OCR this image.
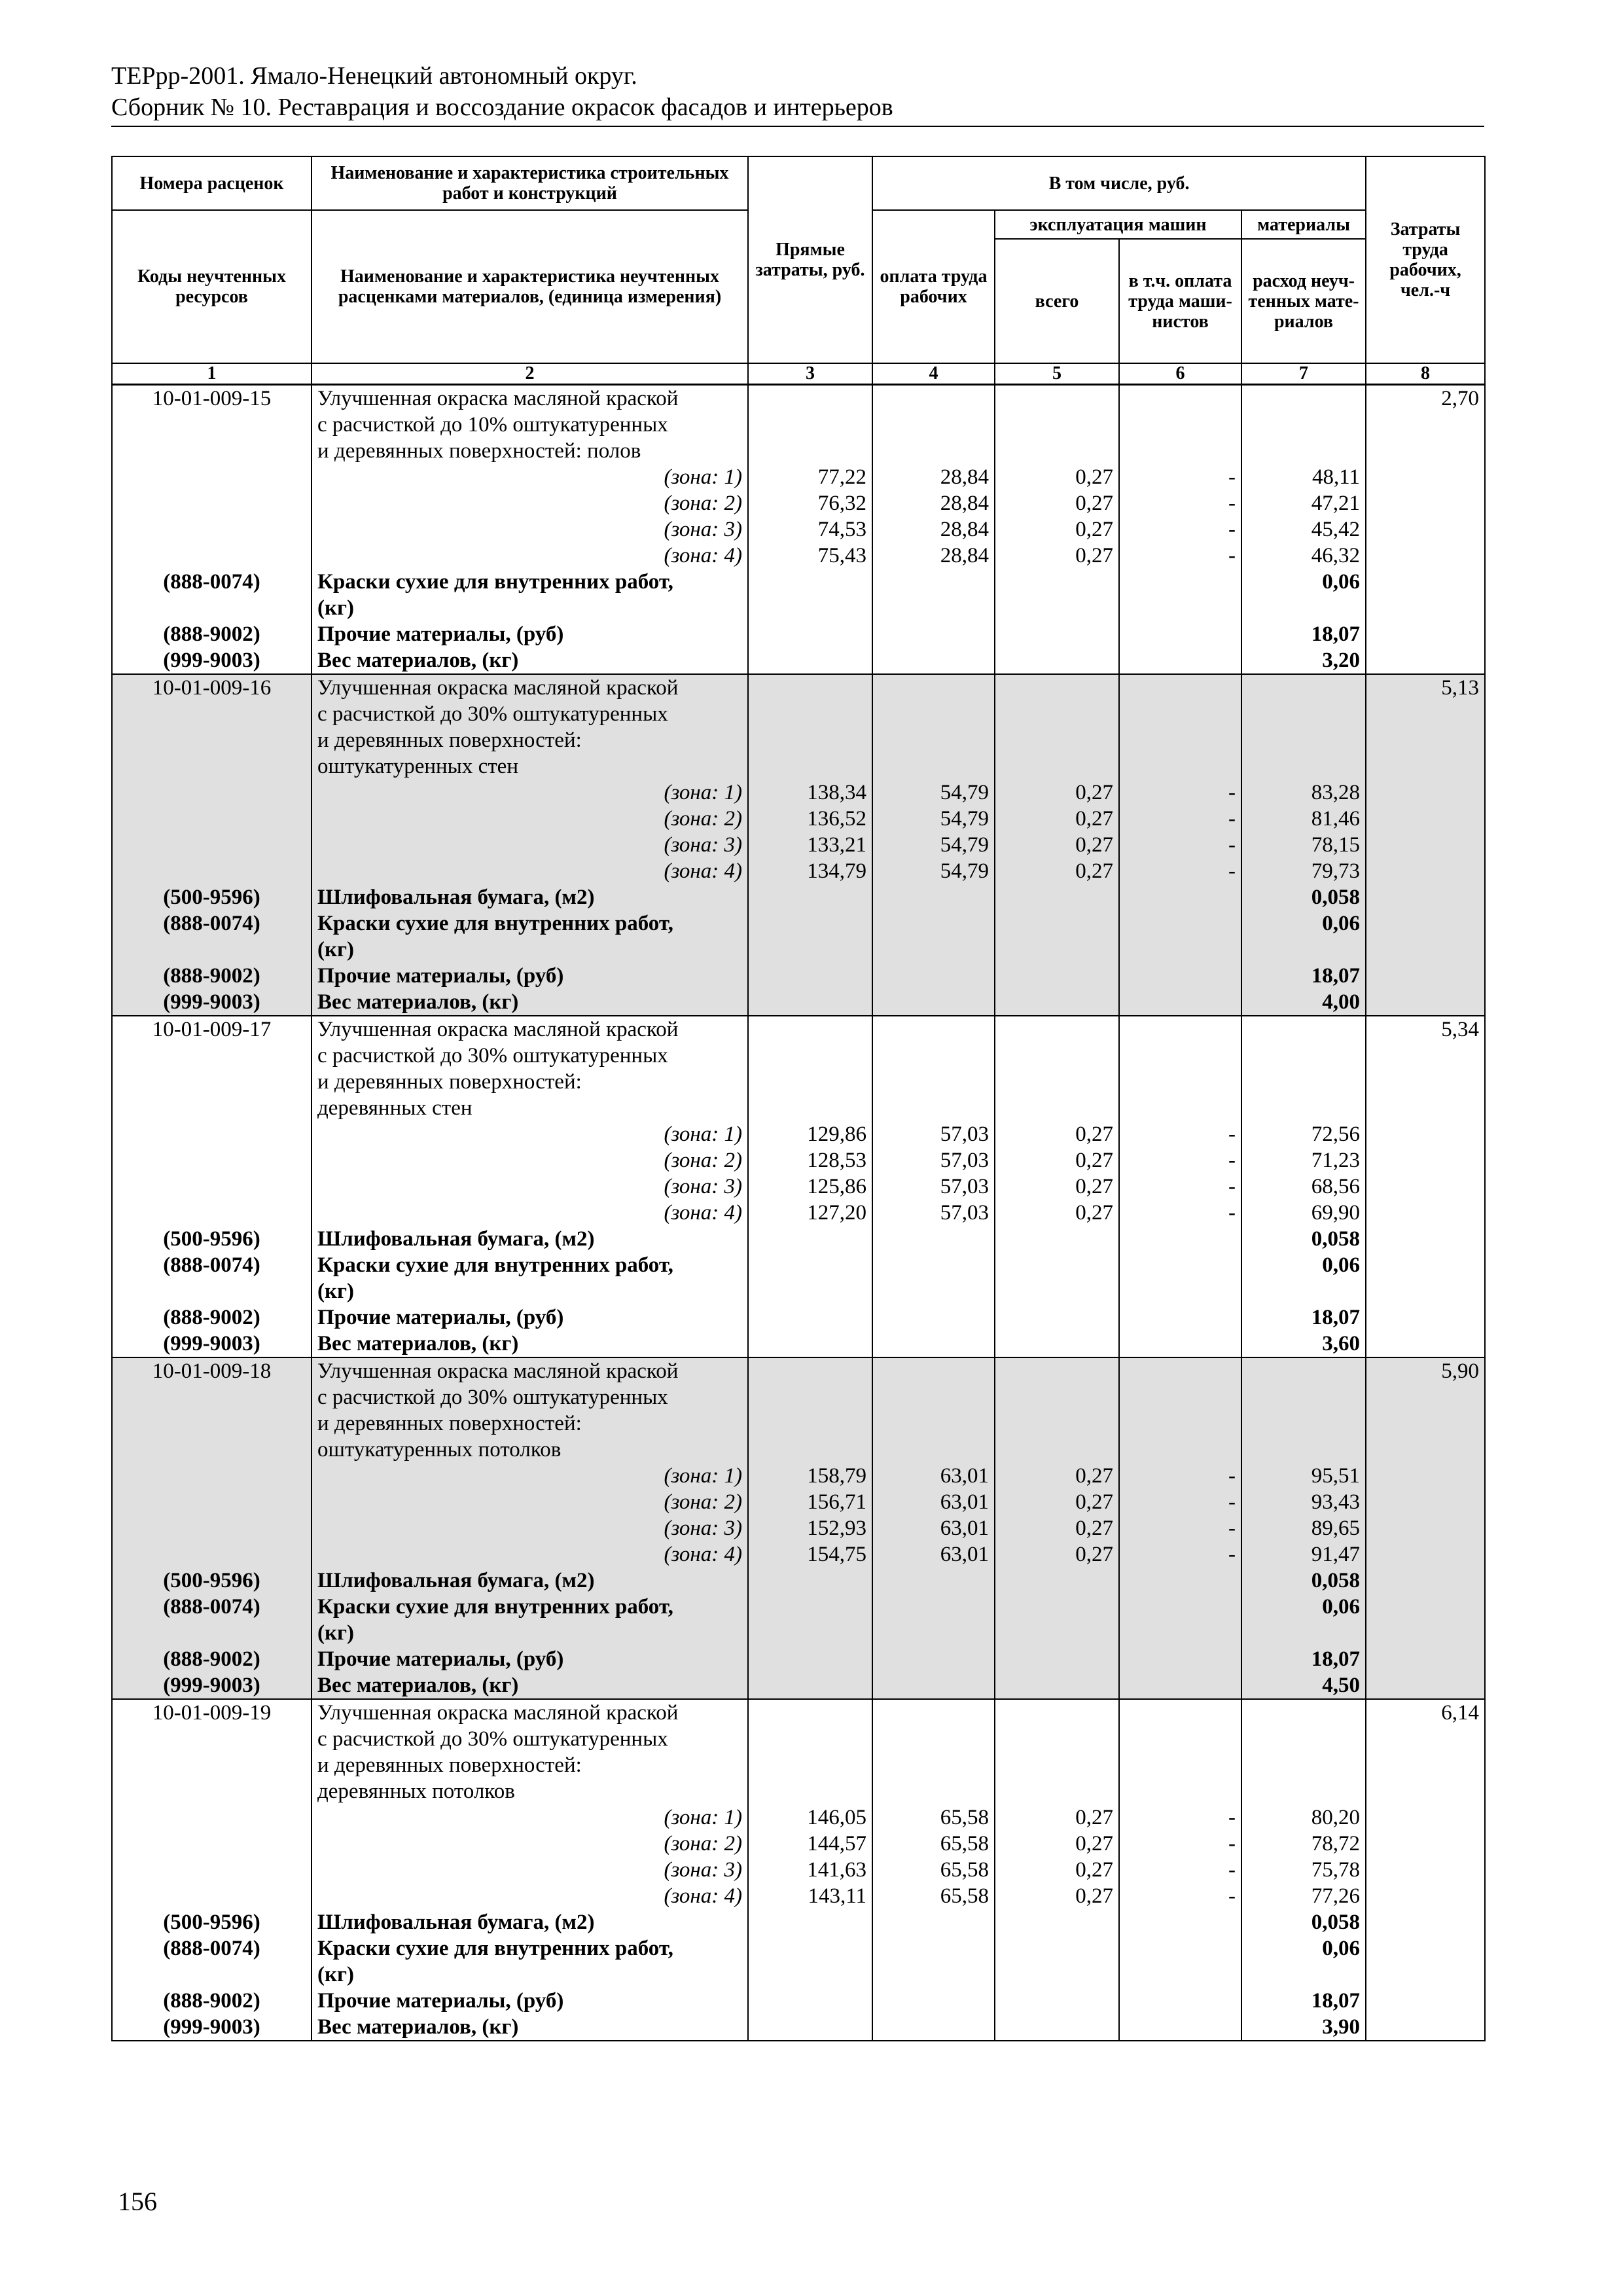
ТЕРрр-2001. Ямало-Ненецкий автономный округ.
Сборник № 10. Реставрация и воссоздание окрасок фасадов и интерьеров
Номера расценок	Наименование и характеристика строительных работ и конструкций	Прямые затраты, руб.	В том числе, руб.				Затраты труда рабочих, чел.-ч
Коды неучтенных ресурсов	Наименование и характеристика неучтенных расценками материалов, (единица измерения)		оплата труда рабочих	эксплуатация машин		материалы	
				всего	в т.ч. оплата труда маши-нистов	расход неуч-тенных мате-риалов	
1	2	3	4	5	6	7	8
10-01-009-15	Улучшенная окраска масляной краской						2,70
	с расчисткой до 10% оштукатуренных						
	и деревянных поверхностей: полов						
	(зона: 1)	77,22	28,84	0,27	-	48,11	
	(зона: 2)	76,32	28,84	0,27	-	47,21	
	(зона: 3)	74,53	28,84	0,27	-	45,42	
	(зона: 4)	75,43	28,84	0,27	-	46,32	
(888-0074)	Краски сухие для внутренних работ,					0,06	
	(кг)						
(888-9002)	Прочие материалы, (руб)					18,07	
(999-9003)	Вес материалов, (кг)					3,20	
10-01-009-16	Улучшенная окраска масляной краской						5,13
	с расчисткой до 30% оштукатуренных						
	и деревянных поверхностей:						
	оштукатуренных стен						
	(зона: 1)	138,34	54,79	0,27	-	83,28	
	(зона: 2)	136,52	54,79	0,27	-	81,46	
	(зона: 3)	133,21	54,79	0,27	-	78,15	
	(зона: 4)	134,79	54,79	0,27	-	79,73	
(500-9596)	Шлифовальная бумага, (м2)					0,058	
(888-0074)	Краски сухие для внутренних работ,					0,06	
	(кг)						
(888-9002)	Прочие материалы, (руб)					18,07	
(999-9003)	Вес материалов, (кг)					4,00	
10-01-009-17	Улучшенная окраска масляной краской						5,34
	с расчисткой до 30% оштукатуренных						
	и деревянных поверхностей:						
	деревянных стен						
	(зона: 1)	129,86	57,03	0,27	-	72,56	
	(зона: 2)	128,53	57,03	0,27	-	71,23	
	(зона: 3)	125,86	57,03	0,27	-	68,56	
	(зона: 4)	127,20	57,03	0,27	-	69,90	
(500-9596)	Шлифовальная бумага, (м2)					0,058	
(888-0074)	Краски сухие для внутренних работ,					0,06	
	(кг)						
(888-9002)	Прочие материалы, (руб)					18,07	
(999-9003)	Вес материалов, (кг)					3,60	
10-01-009-18	Улучшенная окраска масляной краской						5,90
	с расчисткой до 30% оштукатуренных						
	и деревянных поверхностей:						
	оштукатуренных потолков						
	(зона: 1)	158,79	63,01	0,27	-	95,51	
	(зона: 2)	156,71	63,01	0,27	-	93,43	
	(зона: 3)	152,93	63,01	0,27	-	89,65	
	(зона: 4)	154,75	63,01	0,27	-	91,47	
(500-9596)	Шлифовальная бумага, (м2)					0,058	
(888-0074)	Краски сухие для внутренних работ,					0,06	
	(кг)						
(888-9002)	Прочие материалы, (руб)					18,07	
(999-9003)	Вес материалов, (кг)					4,50	
10-01-009-19	Улучшенная окраска масляной краской						6,14
	с расчисткой до 30% оштукатуренных						
	и деревянных поверхностей:						
	деревянных потолков						
	(зона: 1)	146,05	65,58	0,27	-	80,20	
	(зона: 2)	144,57	65,58	0,27	-	78,72	
	(зона: 3)	141,63	65,58	0,27	-	75,78	
	(зона: 4)	143,11	65,58	0,27	-	77,26	
(500-9596)	Шлифовальная бумага, (м2)					0,058	
(888-0074)	Краски сухие для внутренних работ,					0,06	
	(кг)						
(888-9002)	Прочие материалы, (руб)					18,07	
(999-9003)	Вес материалов, (кг)					3,90	
156
